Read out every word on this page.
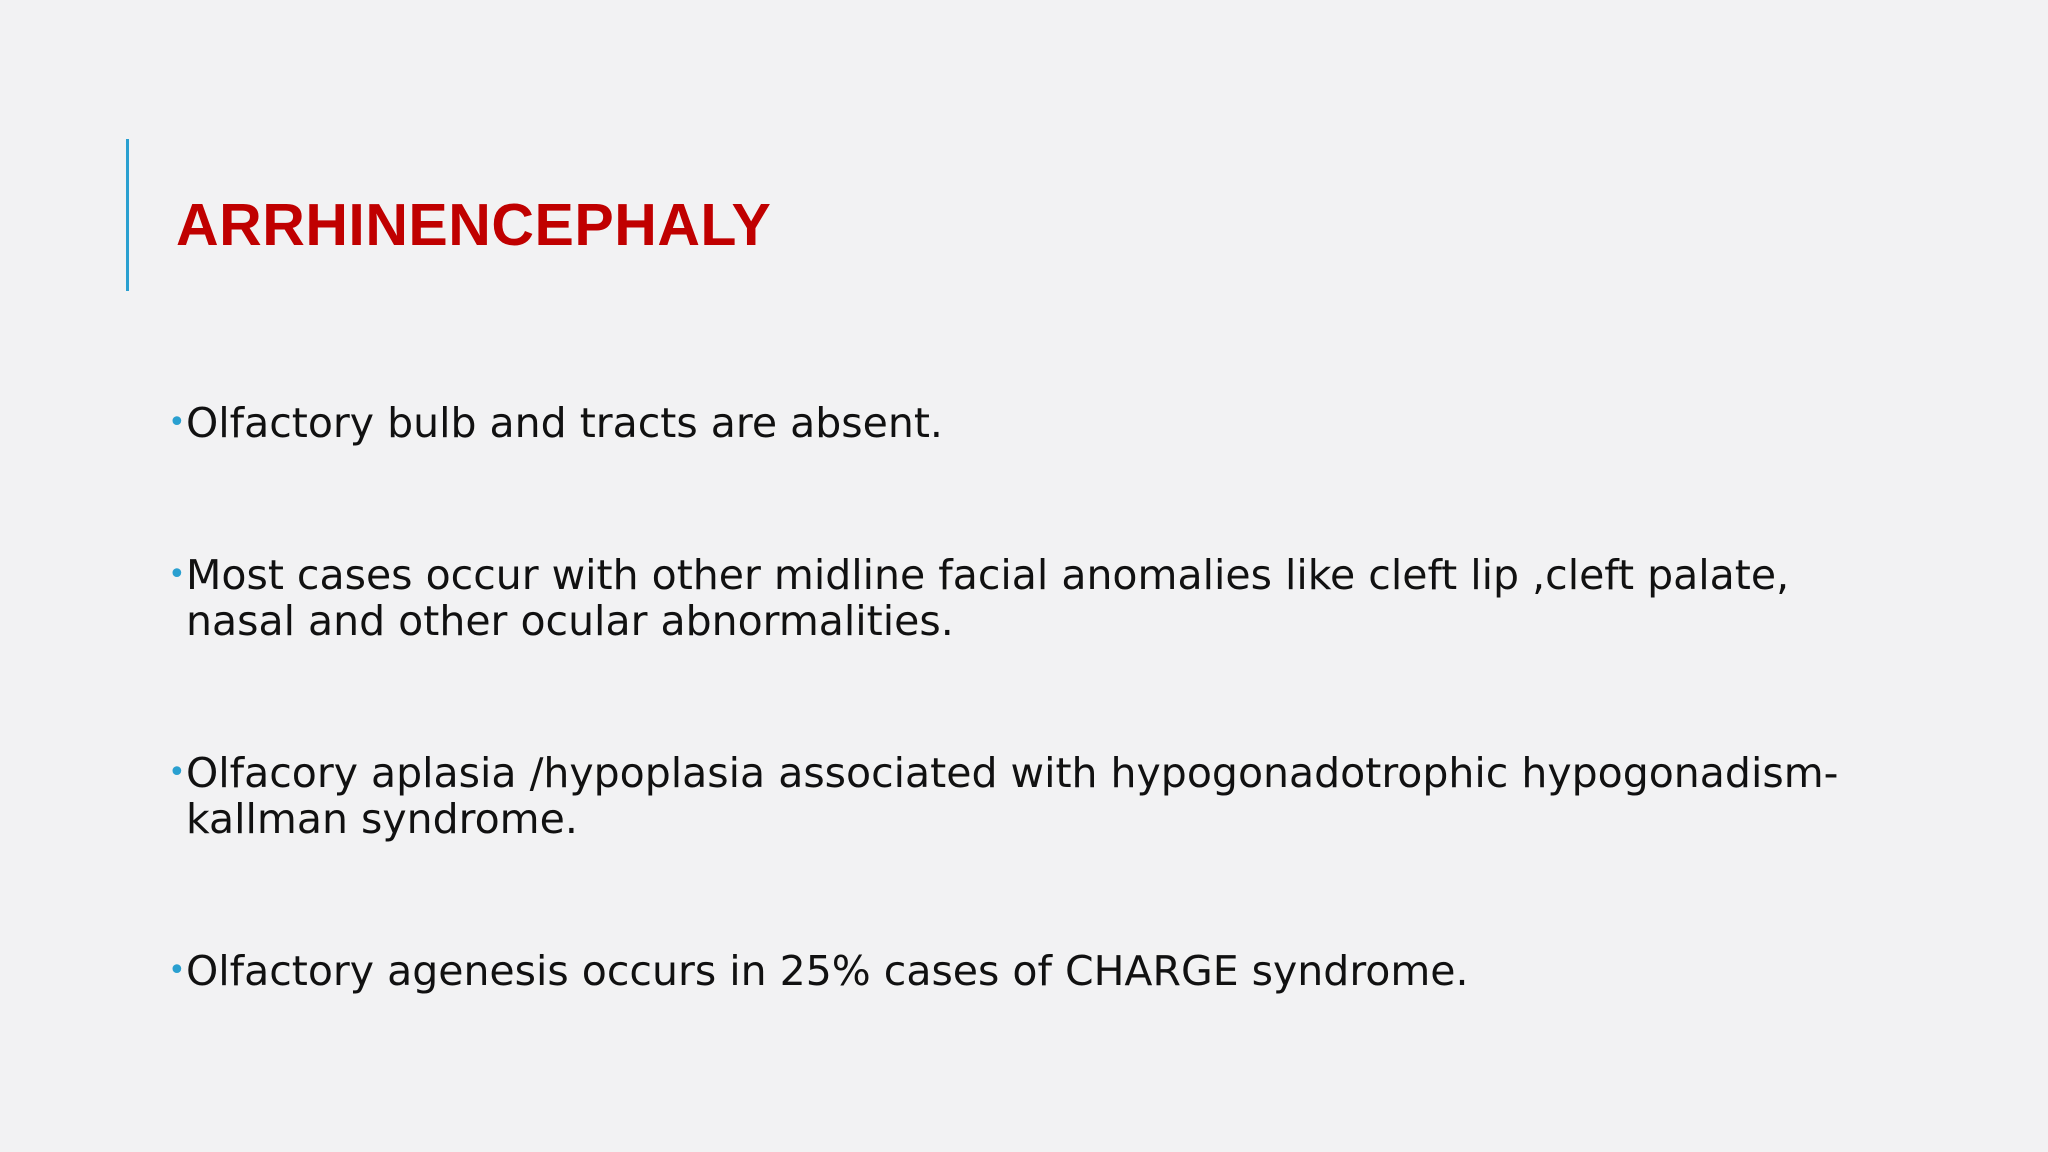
ARRHINENCEPHALY
• Olfactory bulb and tracts are absent.
• Most cases occur with other midline facial anomalies like cleft lip ,cleft palate, nasal and other ocular abnormalities.
• Olfacory aplasia /hypoplasia associated with hypogonadotrophic hypogonadism- kallman syndrome.
• Olfactory agenesis occurs in 25% cases of CHARGE syndrome.
